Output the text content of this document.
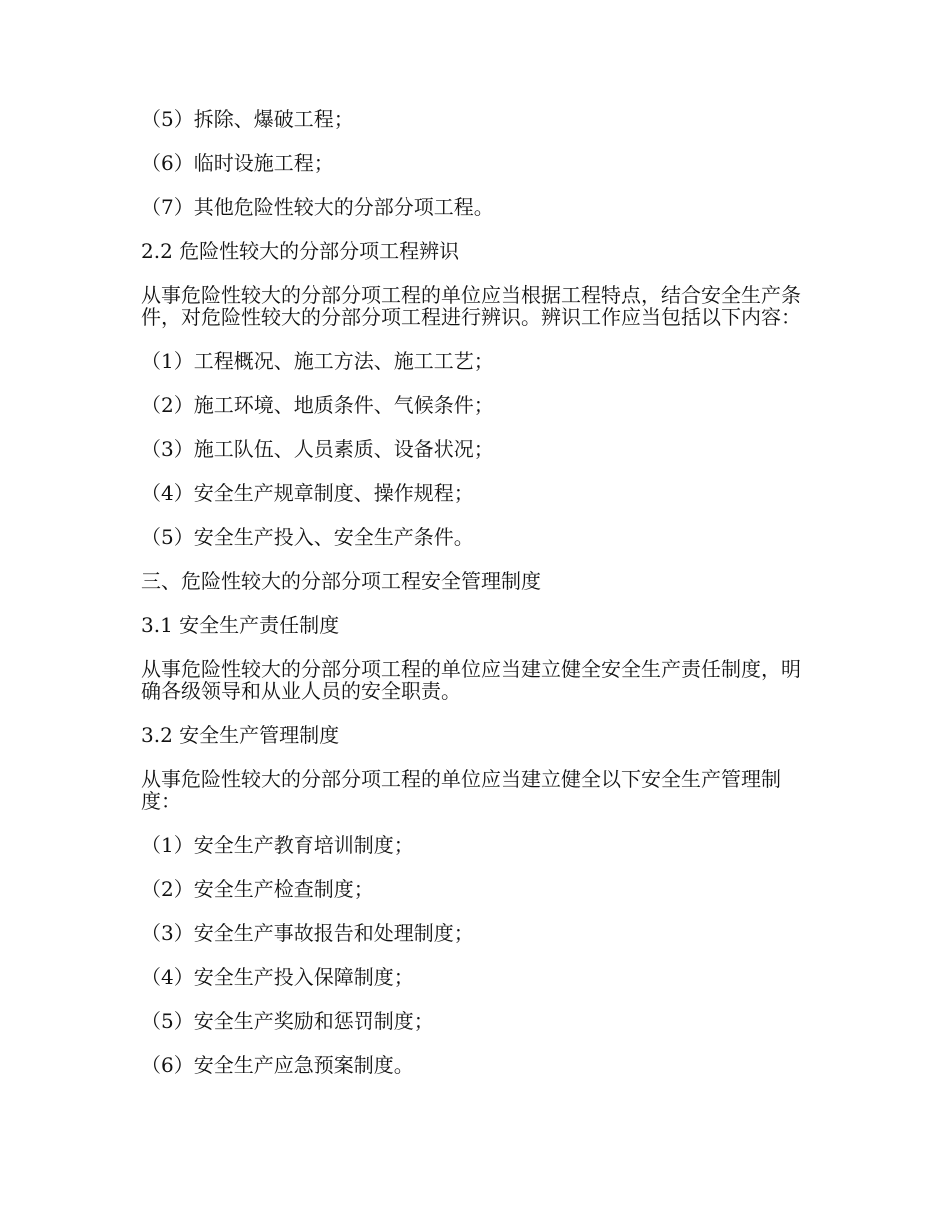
（5）拆除、爆破工程；

（6）临时设施工程；

（7）其他危险性较大的分部分项工程。

2.2 危险性较大的分部分项工程辨识

从事危险性较大的分部分项工程的单位应当根据工程特点，结合安全生产条件，对危险性较大的分部分项工程进行辨识。辨识工作应当包括以下内容：

（1）工程概况、施工方法、施工工艺；

（2）施工环境、地质条件、气候条件；

（3）施工队伍、人员素质、设备状况；

（4）安全生产规章制度、操作规程；

（5）安全生产投入、安全生产条件。

三、危险性较大的分部分项工程安全管理制度

3.1 安全生产责任制度

从事危险性较大的分部分项工程的单位应当建立健全安全生产责任制度，明确各级领导和从业人员的安全职责。

3.2 安全生产管理制度

从事危险性较大的分部分项工程的单位应当建立健全以下安全生产管理制度：

（1）安全生产教育培训制度；

（2）安全生产检查制度；

（3）安全生产事故报告和处理制度；

（4）安全生产投入保障制度；

（5）安全生产奖励和惩罚制度；

（6）安全生产应急预案制度。
